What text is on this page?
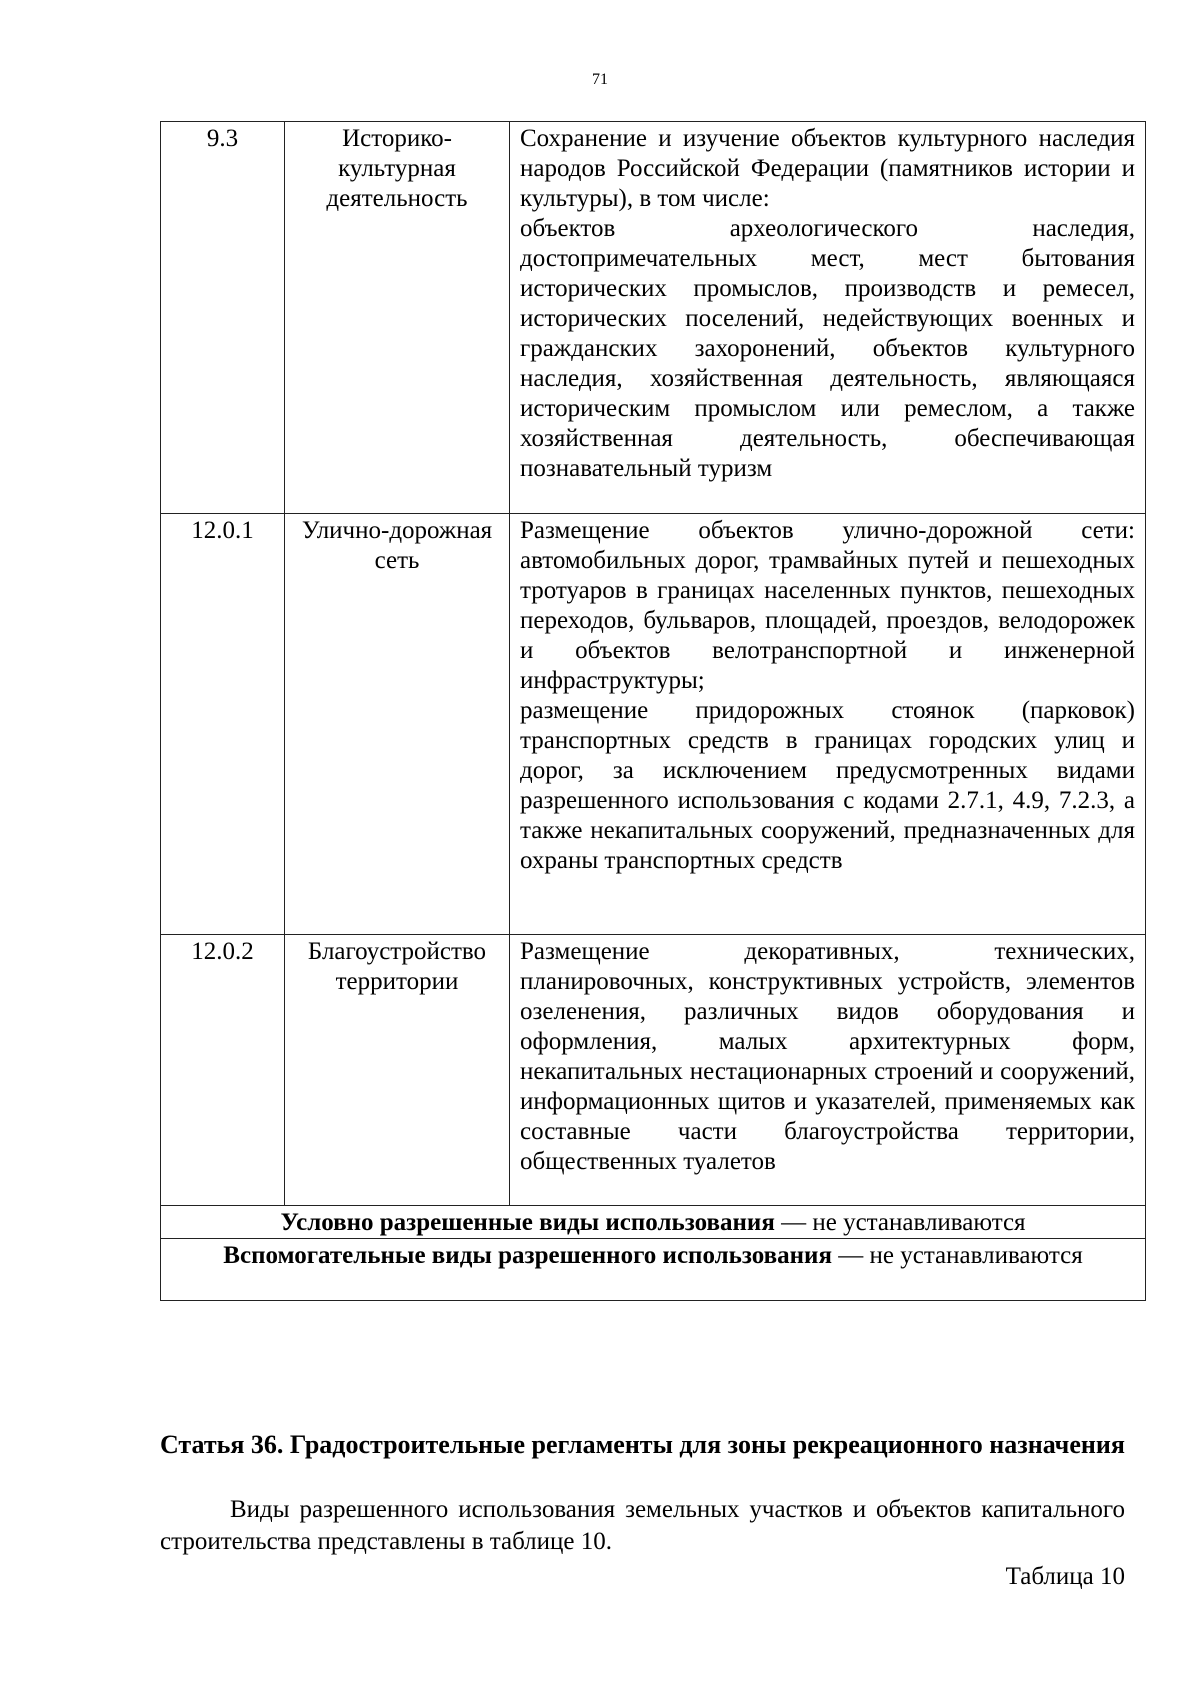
71
9.3	Историко-культурная деятельность	Сохранение и изучение объектов культурного наследия народов Российской Федерации (памятников истории и культуры), в том числе:
объектов археологического наследия, достопримечательных мест, мест бытования исторических промыслов, производств и ремесел, исторических поселений, недействующих военных и гражданских захоронений, объектов культурного наследия, хозяйственная деятельность, являющаяся историческим промыслом или ремеслом, а также хозяйственная деятельность, обеспечивающая познавательный туризм

12.0.1	Улично-дорожная сеть	Размещение объектов улично-дорожной сети: автомобильных дорог, трамвайных путей и пешеходных тротуаров в границах населенных пунктов, пешеходных переходов, бульваров, площадей, проездов, велодорожек и объектов велотранспортной и инженерной инфраструктуры;
размещение придорожных стоянок (парковок) транспортных средств в границах городских улиц и дорог, за исключением предусмотренных видами разрешенного использования с кодами 2.7.1, 4.9, 7.2.3, а также некапитальных сооружений, предназначенных для охраны транспортных средств

12.0.2	Благоустройство территории	Размещение декоративных, технических, планировочных, конструктивных устройств, элементов озеленения, различных видов оборудования и оформления, малых архитектурных форм, некапитальных нестационарных строений и сооружений, информационных щитов и указателей, применяемых как составные части благоустройства территории, общественных туалетов

Условно разрешенные виды использования — не устанавливаются		
Вспомогательные виды разрешенного использования — не устанавливаются		
Статья 36. Градостроительные регламенты для зоны рекреационного назначения
Виды разрешенного использования земельных участков и объектов капитального строительства представлены в таблице 10.
Таблица 10
